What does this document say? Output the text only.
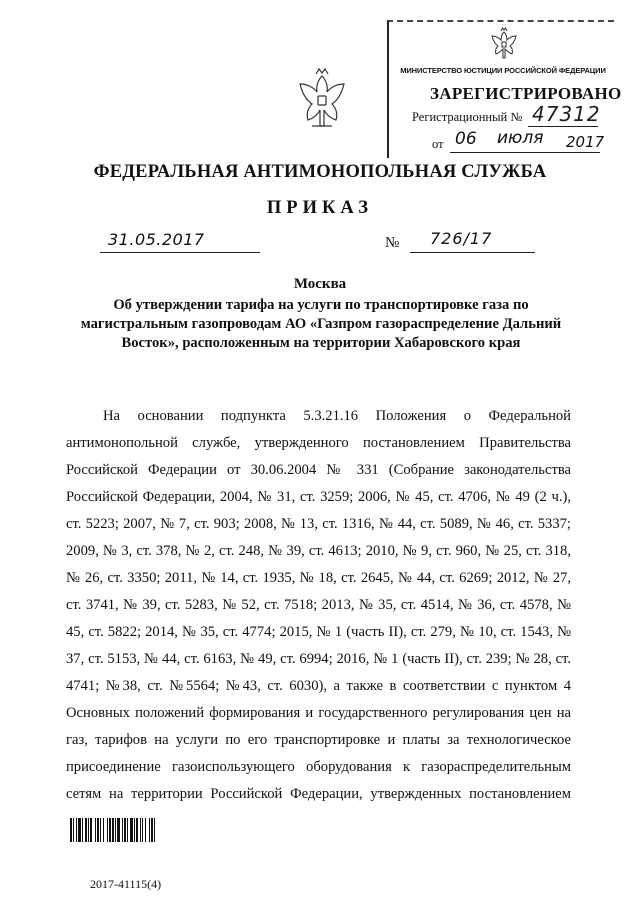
МИНИСТЕРСТВО ЮСТИЦИИ РОССИЙСКОЙ ФЕДЕРАЦИИ
ЗАРЕГИСТРИРОВАНО
Регистрационный № 47312
от 06 июля 2017
ФЕДЕРАЛЬНАЯ АНТИМОНОПОЛЬНАЯ СЛУЖБА
ПРИКАЗ
31.05.2017	№ 726/17
Москва
Об утверждении тарифа на услуги по транспортировке газа по магистральным газопроводам АО «Газпром газораспределение Дальний Восток», расположенным на территории Хабаровского края
На основании подпункта 5.3.21.16 Положения о Федеральной
антимонопольной службе, утвержденного постановлением Правительства
Российской Федерации от 30.06.2004 № 331 (Собрание законодательства
Российской Федерации, 2004, № 31, ст. 3259; 2006, № 45, ст. 4706, № 49 (2 ч.),
ст. 5223; 2007, № 7, ст. 903; 2008, № 13, ст. 1316, № 44, ст. 5089, № 46, ст. 5337;
2009, № 3, ст. 378, № 2, ст. 248, № 39, ст. 4613; 2010, № 9, ст. 960, № 25, ст. 318,
№ 26, ст. 3350; 2011, № 14, ст. 1935, № 18, ст. 2645, № 44, ст. 6269; 2012, № 27,
ст. 3741, № 39, ст. 5283, № 52, ст. 7518; 2013, № 35, ст. 4514, № 36, ст. 4578, №
45, ст. 5822; 2014, № 35, ст. 4774; 2015, № 1 (часть II), ст. 279, № 10, ст. 1543, №
37, ст. 5153, № 44, ст. 6163, № 49, ст. 6994; 2016, № 1 (часть II), ст. 239; № 28, ст.
4741; №38, ст. №5564; №43, ст. 6030), а также в соответствии с пунктом 4
Основных положений формирования и государственного регулирования цен на
газ, тарифов на услуги по его транспортировке и платы за технологическое
присоединение газоиспользующего оборудования к газораспределительным
сетям на территории Российской Федерации, утвержденных постановлением
2017-41115(4)
